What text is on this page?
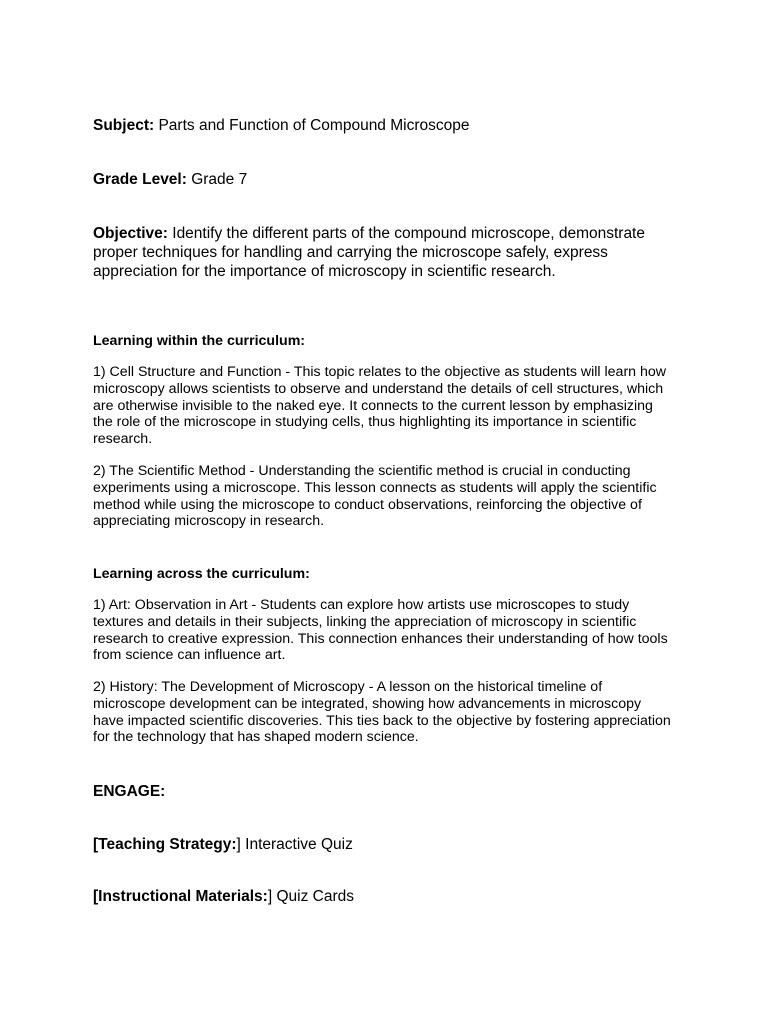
Subject: Parts and Function of Compound Microscope

Grade Level: Grade 7

Objective: Identify the different parts of the compound microscope, demonstrate proper techniques for handling and carrying the microscope safely, express appreciation for the importance of microscopy in scientific research.

Learning within the curriculum:

1) Cell Structure and Function - This topic relates to the objective as students will learn how microscopy allows scientists to observe and understand the details of cell structures, which are otherwise invisible to the naked eye. It connects to the current lesson by emphasizing the role of the microscope in studying cells, thus highlighting its importance in scientific research.

2) The Scientific Method - Understanding the scientific method is crucial in conducting experiments using a microscope. This lesson connects as students will apply the scientific method while using the microscope to conduct observations, reinforcing the objective of appreciating microscopy in research.

Learning across the curriculum:

1) Art: Observation in Art - Students can explore how artists use microscopes to study textures and details in their subjects, linking the appreciation of microscopy in scientific research to creative expression. This connection enhances their understanding of how tools from science can influence art.

2) History: The Development of Microscopy - A lesson on the historical timeline of microscope development can be integrated, showing how advancements in microscopy have impacted scientific discoveries. This ties back to the objective by fostering appreciation for the technology that has shaped modern science.

ENGAGE:

[Teaching Strategy:] Interactive Quiz

[Instructional Materials:] Quiz Cards
